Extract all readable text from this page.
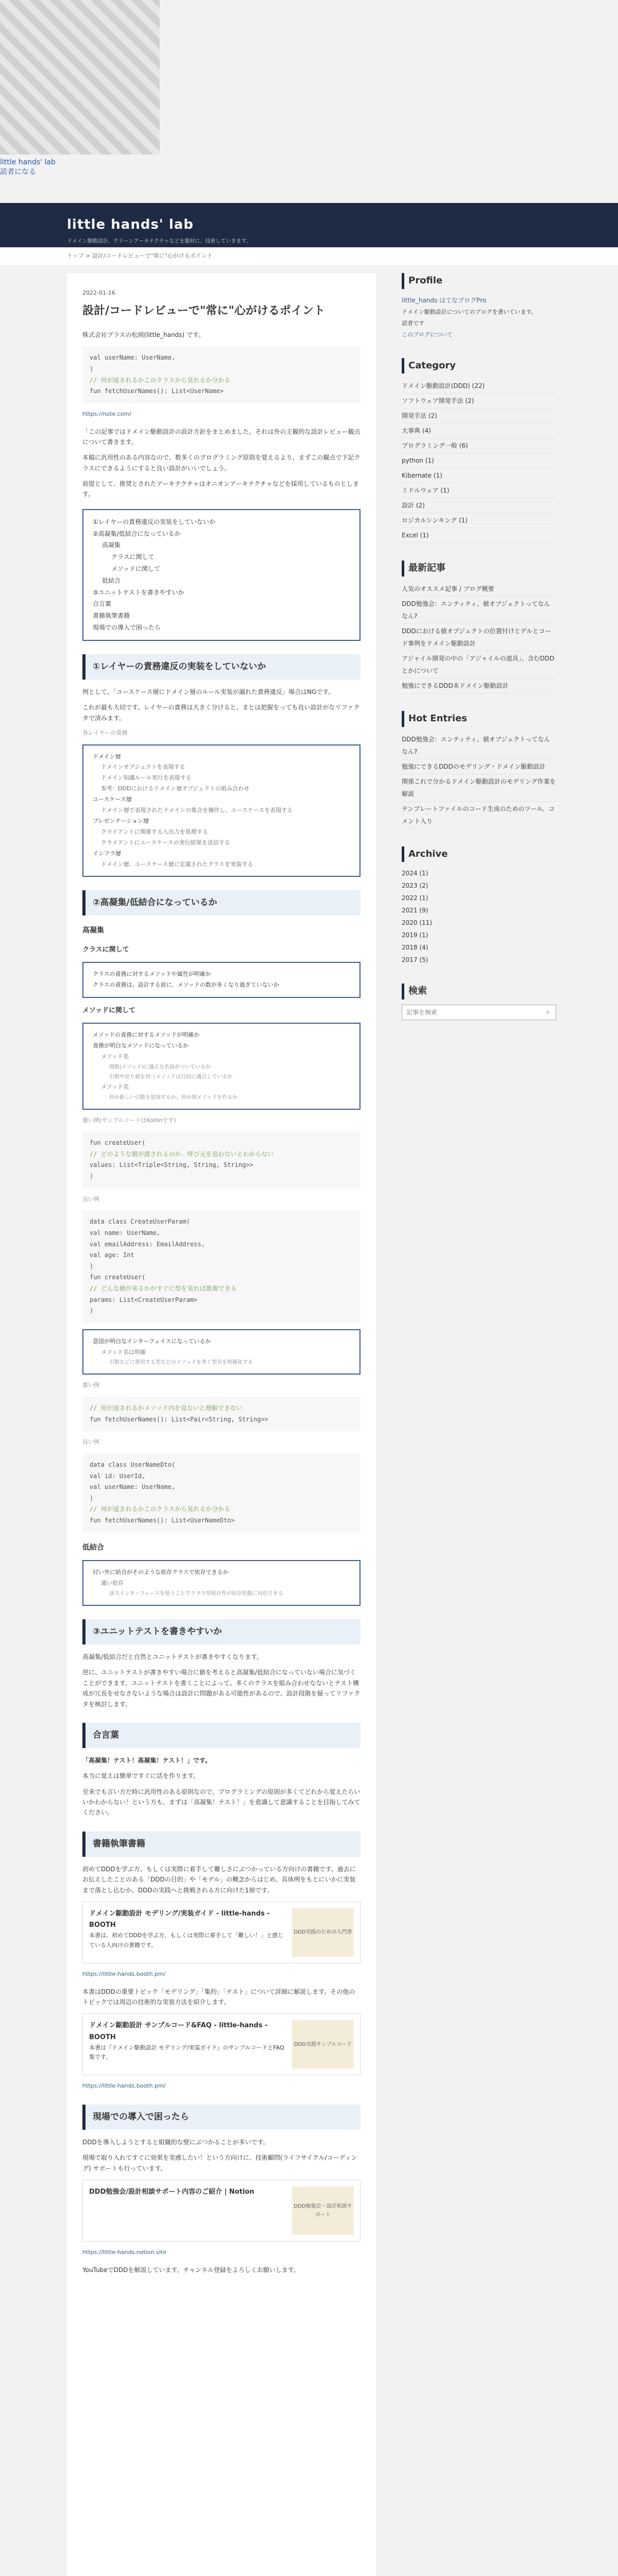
little hands' lab
読者になる
little hands' lab
ドメイン駆動設計、クリーンアーキテクチャなどを題材に、技術していきます。
トップ > 設計/コードレビューで"常に"心がけるポイント
2022-01-16
設計/コードレビューで"常に"心がけるポイント
株式会社プラスの松岡(little_hands) です。
val userName: UserName,
)
// 何が返されるかこのクラスから見れるか分かる
fun fetchUserNames(): List<UserName>
https://note.com/

「この記事ではドメイン駆動設計の設計方針をまとめました。それは外の主観的な設計レビュー観点について書きます。

本稿に汎用性のある内容なので、数多くのプログラミング原則を覚えるより、まずこの観点で下記クラスにできるようにすると良い設計がいいでしょう。

前提として、推奨とされたアーキテクチャはオニオンアーキテクチャなどを採用しているものとします。

①レイヤーの責務違反の実装をしていないか
②高凝集/低結合になっているか
高凝集
クラスに関して
メソッドに関して
低結合
③ユニットテストを書きやすいか
合言葉
書籍執筆書籍
現場での導入で困ったら
①レイヤーの責務違反の実装をしていないか

例として、「ユースケース層にドメイン層のルール実装が漏れた責務違反」場合はNGです。

これが最も大切です。レイヤーの責務は大きく分けると、まとは把握をっても良い設計がなリファクタで済みます。

各レイヤーの責務
ドメイン層
ドメインオブジェクトを表現する
ドメイン知識ルール実行を表現する
参考：DDDにおけるドメイン層オブジェクトの組み合わせ
ユースケース層
ドメイン層で表現されたドメインの集合を操作し、ユースケースを表現する
プレゼンテーション層
クライアントに関係する入出力を処理する
クライアントにユースケースの実行結果を送信する
インフラ層
ドメイン層、ユースケース層に定義されたクラスを実装する
②高凝集/低結合になっているか
高凝集
クラスに関して
クラスの責務に対するメソッドや属性が明確か
クラスの責務は、設計する前に、メソッドの数が多くなり過ぎていないか
メソッドに関して
メソッドの責務に対するメソッドが明確か
責務が明白なメソッドになっているか
メソッド名
関数(メソッド)に適正な名前がついているか
引数や戻り値を持つメソッドは目的に適合しているか
メソッド名
何か新しい引数を追加するか、何か別メソッドを作るか
悪い例(サンプルコードはKotlinです)
fun createUser(
// どのような値が渡されるのか、呼び元を追わないとわからない
values: List<Triple<String, String, String>>
)
良い例
data class CreateUserParam(
val name: UserName,
val emailAddress: EmailAddress,
val age: Int
)
fun createUser(
// どんな値が来るかがすぐに型を見れば推測できる
params: List<CreateUserParam>
)
意図が明白なインターフェイスになっているか
メソッド名は明確
引数などに使用する型などのメソッドを書く型名を明確化する
悪い例
// 何が返されるかメソッド内を見ないと理解できない
fun fetchUserNames(): List<Pair<String, String>>
良い例
data class UserNameDto(
val id: UserId,
val userName: UserName,
)
// 何が返されるかこのクラスから見れるか分かる
fun fetchUserNames(): List<UserNameDto>
低結合
付い外に結合がそのような依存クラスで依存できるか
適い依存
該当インターフェースを使うことでクラス型依存性が依存状態に対応できる
③ユニットテストを書きやすいか

高凝集/低結合だと自然とユニットテストが書きやすくなります。

逆に、ユニットテストが書きやすい場合に値を考えると高凝集/低結合になっていない場合に気づくことができます。ユニットテストを書くことによって、多くのクラスを組み合わせなないとテスト構成が冗長をせなさないような場合は設計に問題がある可能性があるので、設計段階を疑ってリファクタを検討します。

合言葉

「高凝集！テスト！高凝集！テスト！」です。

本当に覚えは簡単ですぐに活を作ります。

至来でも言い方だ時に汎用性のある原則なので、プログラミングの原則が多くてどれから覚えたらいいかわからない！という方も、まずは「高凝集！テスト！」を意識して意識することを目指してみてください。

書籍執筆書籍

初めてDDDを学ぶ方、もしくは実際に着手して難しさにぶつかっている方向けの書籍です。過去にお伝えしたことのある「DDDの目的」や「モデル」の概念からはじめ、具体例をもとにいかに実装まで落とし込むか。DDDの実践へと挑戦される方に向けた1冊です。

ドメイン駆動設計 モデリング/実装ガイド - little-hands - BOOTH
本書は、初めてDDDを学ぶ方、もしくは実際に着手して「難しい！」と感じている人向けの書籍です。
DDD実践のための入門書
https://little-hands.booth.pm/

本書はDDDの重要トピック「モデリング」「集約」「テスト」について詳細に解説します。その他のトピックでは周辺の技術的な実装方法を紹介します。

ドメイン駆動設計 サンプルコード&FAQ - little-hands - BOOTH
本書は『ドメイン駆動設計 モデリング/実装ガイド』のサンプルコードとFAQ集です。
DDD実践サンプルコード
https://little-hands.booth.pm/
現場での導入で困ったら

DDDを導入しようとすると組織的な壁にぶつかることが多いです。

現場で取り入れてすぐに効果を実感したい！という方向けに、技術顧問(ライフサイクル/コーディング) サポートも行っています。

DDD勉強会/設計相談サポート内容のご紹介 | Notion
DDD勉強会・設計相談サポート
https://little-hands.notion.site

YouTubeでDDDを解説しています。チャンネル登録をよろしくお願いします。

Profile
little_hands はてなブログPro
ドメイン駆動設計についてのブログを書いています。
読者です
このブログについて
Category
ドメイン駆動設計(DDD) (22)
ソフトウェア開発手法 (2)
開発手法 (2)
大事典 (4)
プログラミング一般 (6)
python (1)
Kibernate (1)
ミドルウェア (1)
設計 (2)
ロジカルシンキング (1)
Excel (1)
最新記事
人気のオススメ記事 / ブログ概要
DDD勉強会：エンティティ、値オブジェクトってなんなん?
DDDにおける値オブジェクトの位置付けとデルとコード事例をドメイン駆動設計
アジャイル開発の中の「アジャイルの道具」、含むDDDとかについて
勉強にできるDDD本ドメイン駆動設計
Hot Entries
DDD勉強会：エンティティ、値オブジェクトってなんなん?
勉強にできるDDDのモデリング・ドメイン駆動設計
関係これで分かるドメイン駆動設計のモデリング作業を解説
テンプレートファイルのコード生成のためのツール、コメント入り
Archive
2024 (1)
2023 (2)
2022 (1)
2021 (9)
2020 (11)
2019 (1)
2018 (4)
2017 (5)
検索
記事を検索
⌕
